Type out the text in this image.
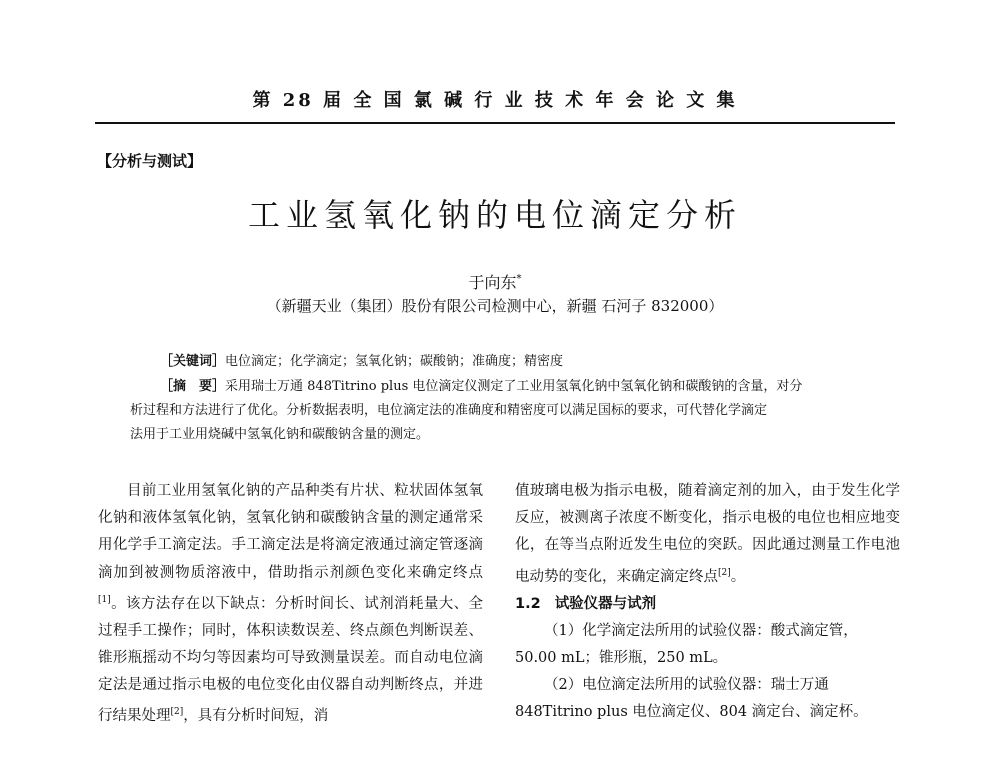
第 28 届 全 国 氯 碱 行 业 技 术 年 会 论 文 集
【分析与测试】
工业氢氧化钠的电位滴定分析
于向东*
（新疆天业（集团）股份有限公司检测中心，新疆 石河子 832000）
［关键词］电位滴定；化学滴定；氢氧化钠；碳酸钠；准确度；精密度
［摘　要］采用瑞士万通 848Titrino plus 电位滴定仪测定了工业用氢氧化钠中氢氧化钠和碳酸钠的含量，对分
析过程和方法进行了优化。分析数据表明，电位滴定法的准确度和精密度可以满足国标的要求，可代替化学滴定
法用于工业用烧碱中氢氧化钠和碳酸钠含量的测定。

目前工业用氢氧化钠的产品种类有片状、粒状固体氢氧化钠和液体氢氧化钠，氢氧化钠和碳酸钠含量的测定通常采用化学手工滴定法。手工滴定法是将滴定液通过滴定管逐滴滴加到被测物质溶液中，借助指示剂颜色变化来确定终点[1]。该方法存在以下缺点：分析时间长、试剂消耗量大、全过程手工操作；同时，体积读数误差、终点颜色判断误差、锥形瓶摇动不均匀等因素均可导致测量误差。而自动电位滴定法是通过指示电极的电位变化由仪器自动判断终点，并进行结果处理[2]，具有分析时间短，消

值玻璃电极为指示电极，随着滴定剂的加入，由于发生化学反应，被测离子浓度不断变化，指示电极的电位也相应地变化，在等当点附近发生电位的突跃。因此通过测量工作电池电动势的变化，来确定滴定终点[2]。

1.2 试验仪器与试剂

（1）化学滴定法所用的试验仪器：酸式滴定管，

50.00 mL；锥形瓶，250 mL。

（2）电位滴定法所用的试验仪器：瑞士万通

848Titrino plus 电位滴定仪、804 滴定台、滴定杯。
